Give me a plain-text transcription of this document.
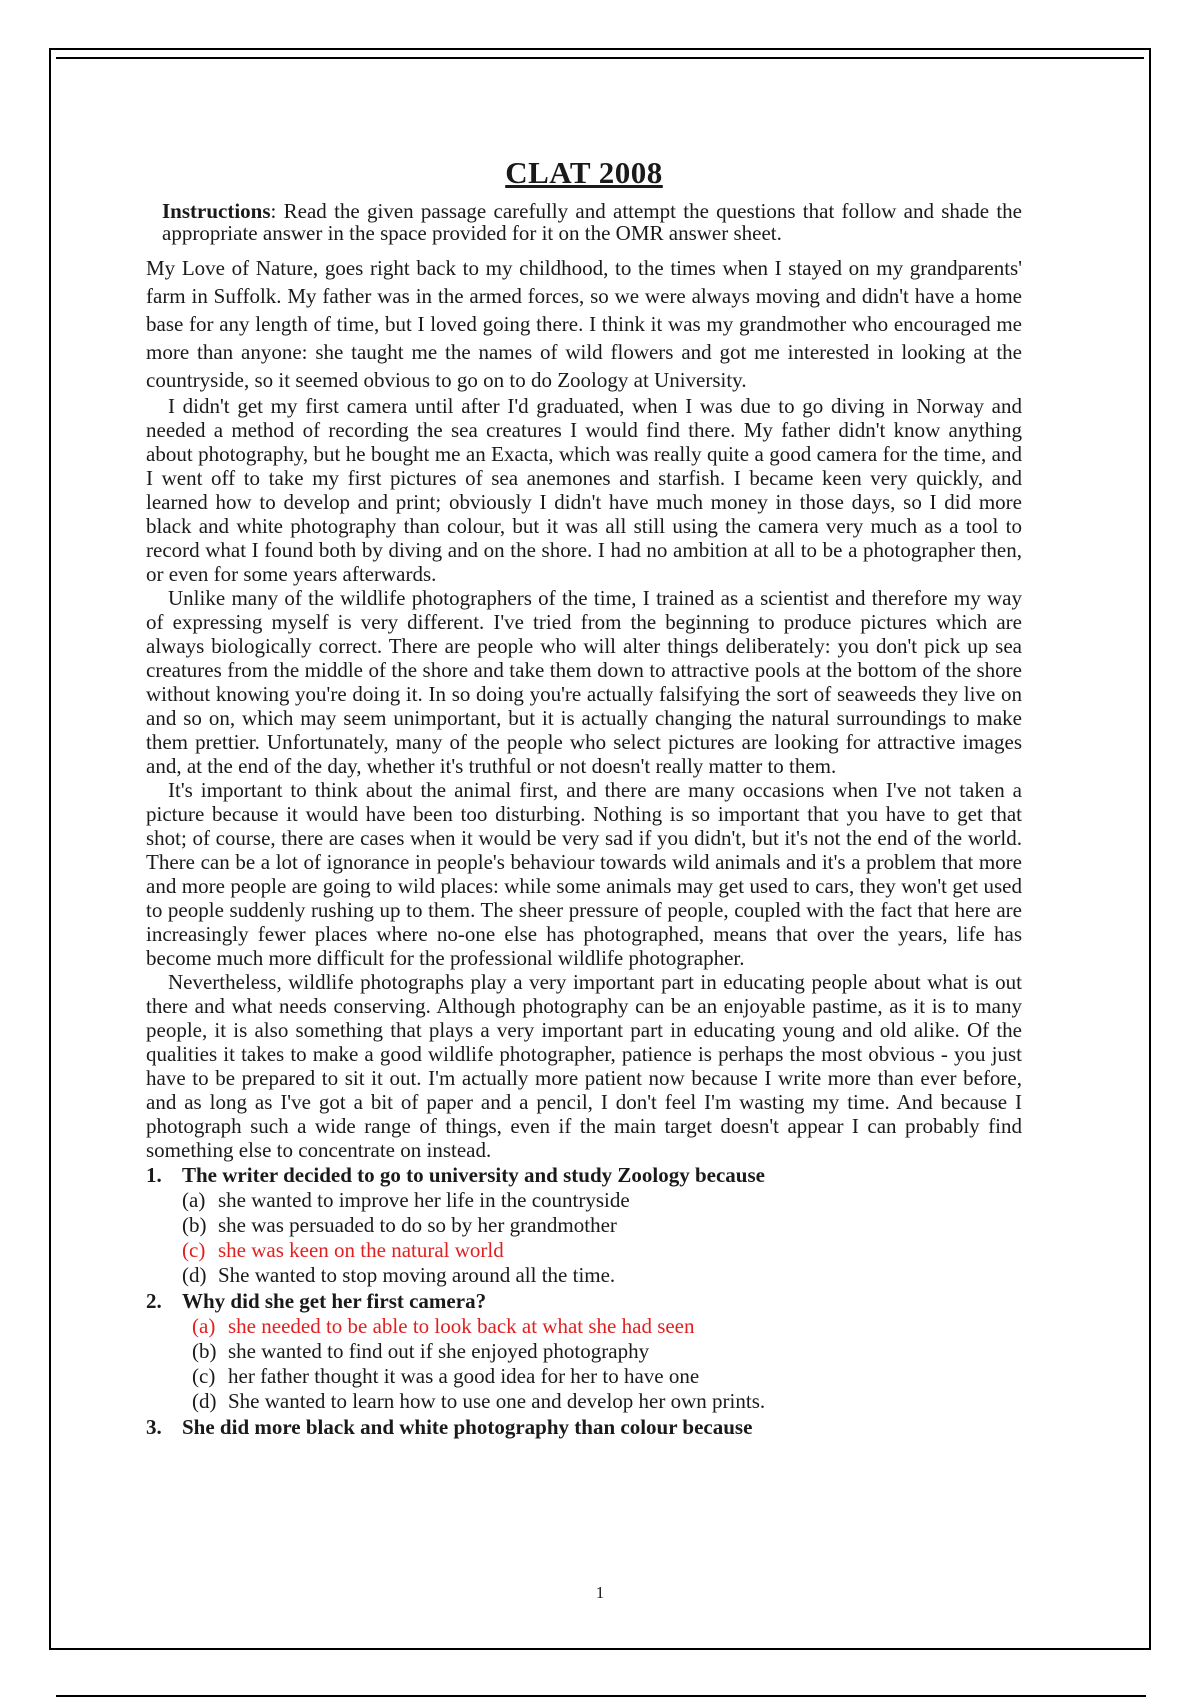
CLAT 2008

Instructions: Read the given passage carefully and attempt the questions that follow and shade the appropriate answer in the space provided for it on the OMR answer sheet.

My Love of Nature, goes right back to my childhood, to the times when I stayed on my grandparents' farm in Suffolk. My father was in the armed forces, so we were always moving and didn't have a home base for any length of time, but I loved going there. I think it was my grandmother who encouraged me more than anyone: she taught me the names of wild flowers and got me interested in looking at the countryside, so it seemed obvious to go on to do Zoology at University.

I didn't get my first camera until after I'd graduated, when I was due to go diving in Norway and needed a method of recording the sea creatures I would find there. My father didn't know anything about photography, but he bought me an Exacta, which was really quite a good camera for the time, and I went off to take my first pictures of sea anemones and starfish. I became keen very quickly, and learned how to develop and print; obviously I didn't have much money in those days, so I did more black and white photography than colour, but it was all still using the camera very much as a tool to record what I found both by diving and on the shore. I had no ambition at all to be a photographer then, or even for some years afterwards.

Unlike many of the wildlife photographers of the time, I trained as a scientist and therefore my way of expressing myself is very different. I've tried from the beginning to produce pictures which are always biologically correct. There are people who will alter things deliberately: you don't pick up sea creatures from the middle of the shore and take them down to attractive pools at the bottom of the shore without knowing you're doing it. In so doing you're actually falsifying the sort of seaweeds they live on and so on, which may seem unimportant, but it is actually changing the natural surroundings to make them prettier. Unfortunately, many of the people who select pictures are looking for attractive images and, at the end of the day, whether it's truthful or not doesn't really matter to them.

It's important to think about the animal first, and there are many occasions when I've not taken a picture because it would have been too disturbing. Nothing is so important that you have to get that shot; of course, there are cases when it would be very sad if you didn't, but it's not the end of the world. There can be a lot of ignorance in people's behaviour towards wild animals and it's a problem that more and more people are going to wild places: while some animals may get used to cars, they won't get used to people suddenly rushing up to them. The sheer pressure of people, coupled with the fact that here are increasingly fewer places where no-one else has photographed, means that over the years, life has become much more difficult for the professional wildlife photographer.

Nevertheless, wildlife photographs play a very important part in educating people about what is out there and what needs conserving. Although photography can be an enjoyable pastime, as it is to many people, it is also something that plays a very important part in educating young and old alike. Of the qualities it takes to make a good wildlife photographer, patience is perhaps the most obvious - you just have to be prepared to sit it out. I'm actually more patient now because I write more than ever before, and as long as I've got a bit of paper and a pencil, I don't feel I'm wasting my time. And because I photograph such a wide range of things, even if the main target doesn't appear I can probably find something else to concentrate on instead.

1. The writer decided to go to university and study Zoology because
(a) she wanted to improve her life in the countryside
(b) she was persuaded to do so by her grandmother
(c) she was keen on the natural world
(d) She wanted to stop moving around all the time.
2. Why did she get her first camera?
(a) she needed to be able to look back at what she had seen
(b) she wanted to find out if she enjoyed photography
(c) her father thought it was a good idea for her to have one
(d) She wanted to learn how to use one and develop her own prints.
3. She did more black and white photography than colour because
1
